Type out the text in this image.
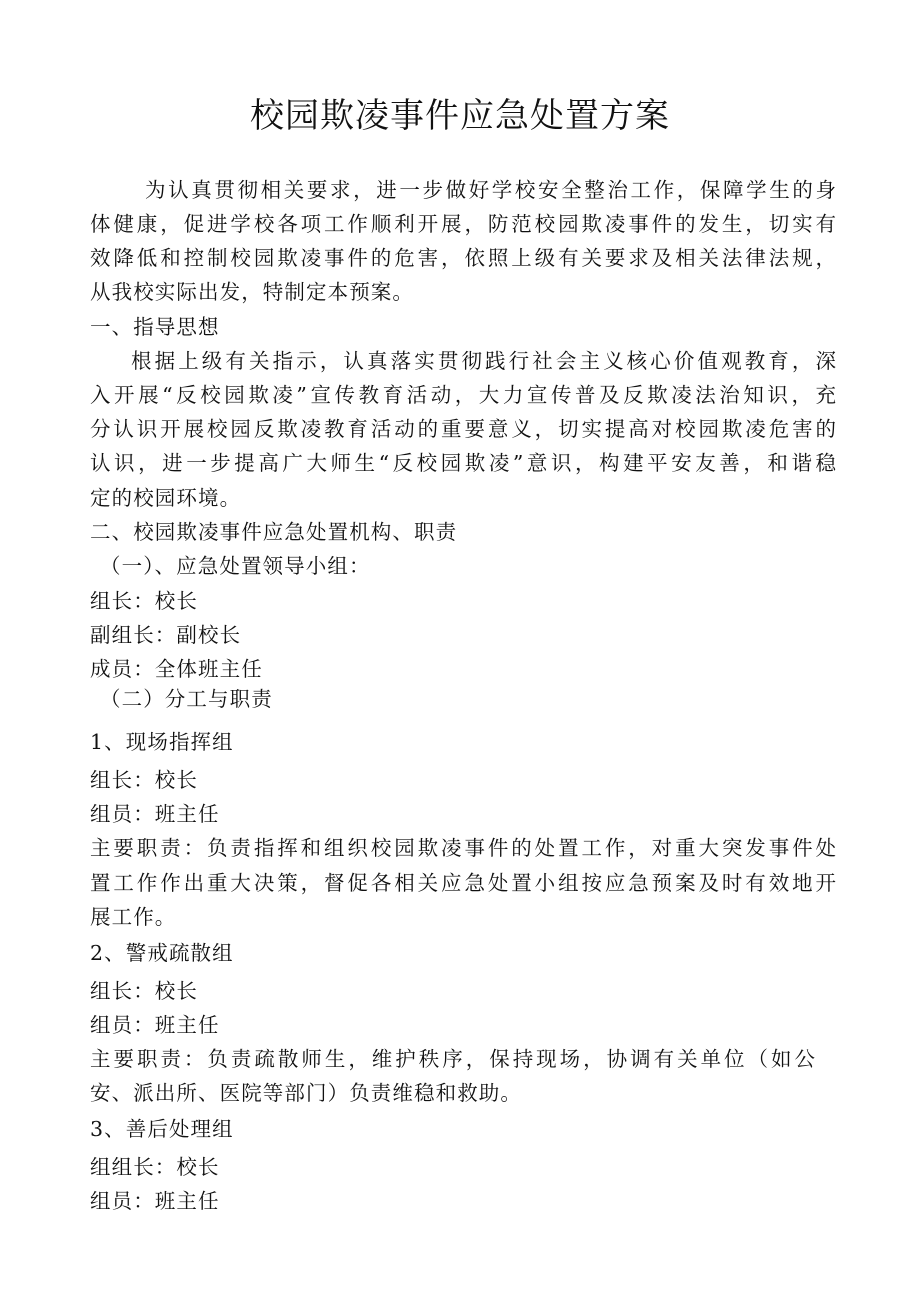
校园欺凌事件应急处置方案
为认真贯彻相关要求，进一步做好学校安全整治工作，保障学生的身
体健康，促进学校各项工作顺利开展，防范校园欺凌事件的发生，切实有
效降低和控制校园欺凌事件的危害，依照上级有关要求及相关法律法规，
从我校实际出发，特制定本预案。
一、指导思想
根据上级有关指示，认真落实贯彻践行社会主义核心价值观教育，深
入开展“反校园欺凌”宣传教育活动，大力宣传普及反欺凌法治知识，充
分认识开展校园反欺凌教育活动的重要意义，切实提高对校园欺凌危害的
认识，进一步提高广大师生“反校园欺凌”意识，构建平安友善，和谐稳
定的校园环境。
二、校园欺凌事件应急处置机构、职责
（一）、应急处置领导小组：
组长：校长
副组长：副校长
成员：全体班主任
（二）分工与职责
1、现场指挥组
组长：校长
组员：班主任
主要职责：负责指挥和组织校园欺凌事件的处置工作，对重大突发事件处
置工作作出重大决策，督促各相关应急处置小组按应急预案及时有效地开
展工作。
2、警戒疏散组
组长：校长
组员：班主任
主要职责：负责疏散师生，维护秩序，保持现场，协调有关单位（如公
安、派出所、医院等部门）负责维稳和救助。
3、善后处理组
组组长：校长
组员：班主任
